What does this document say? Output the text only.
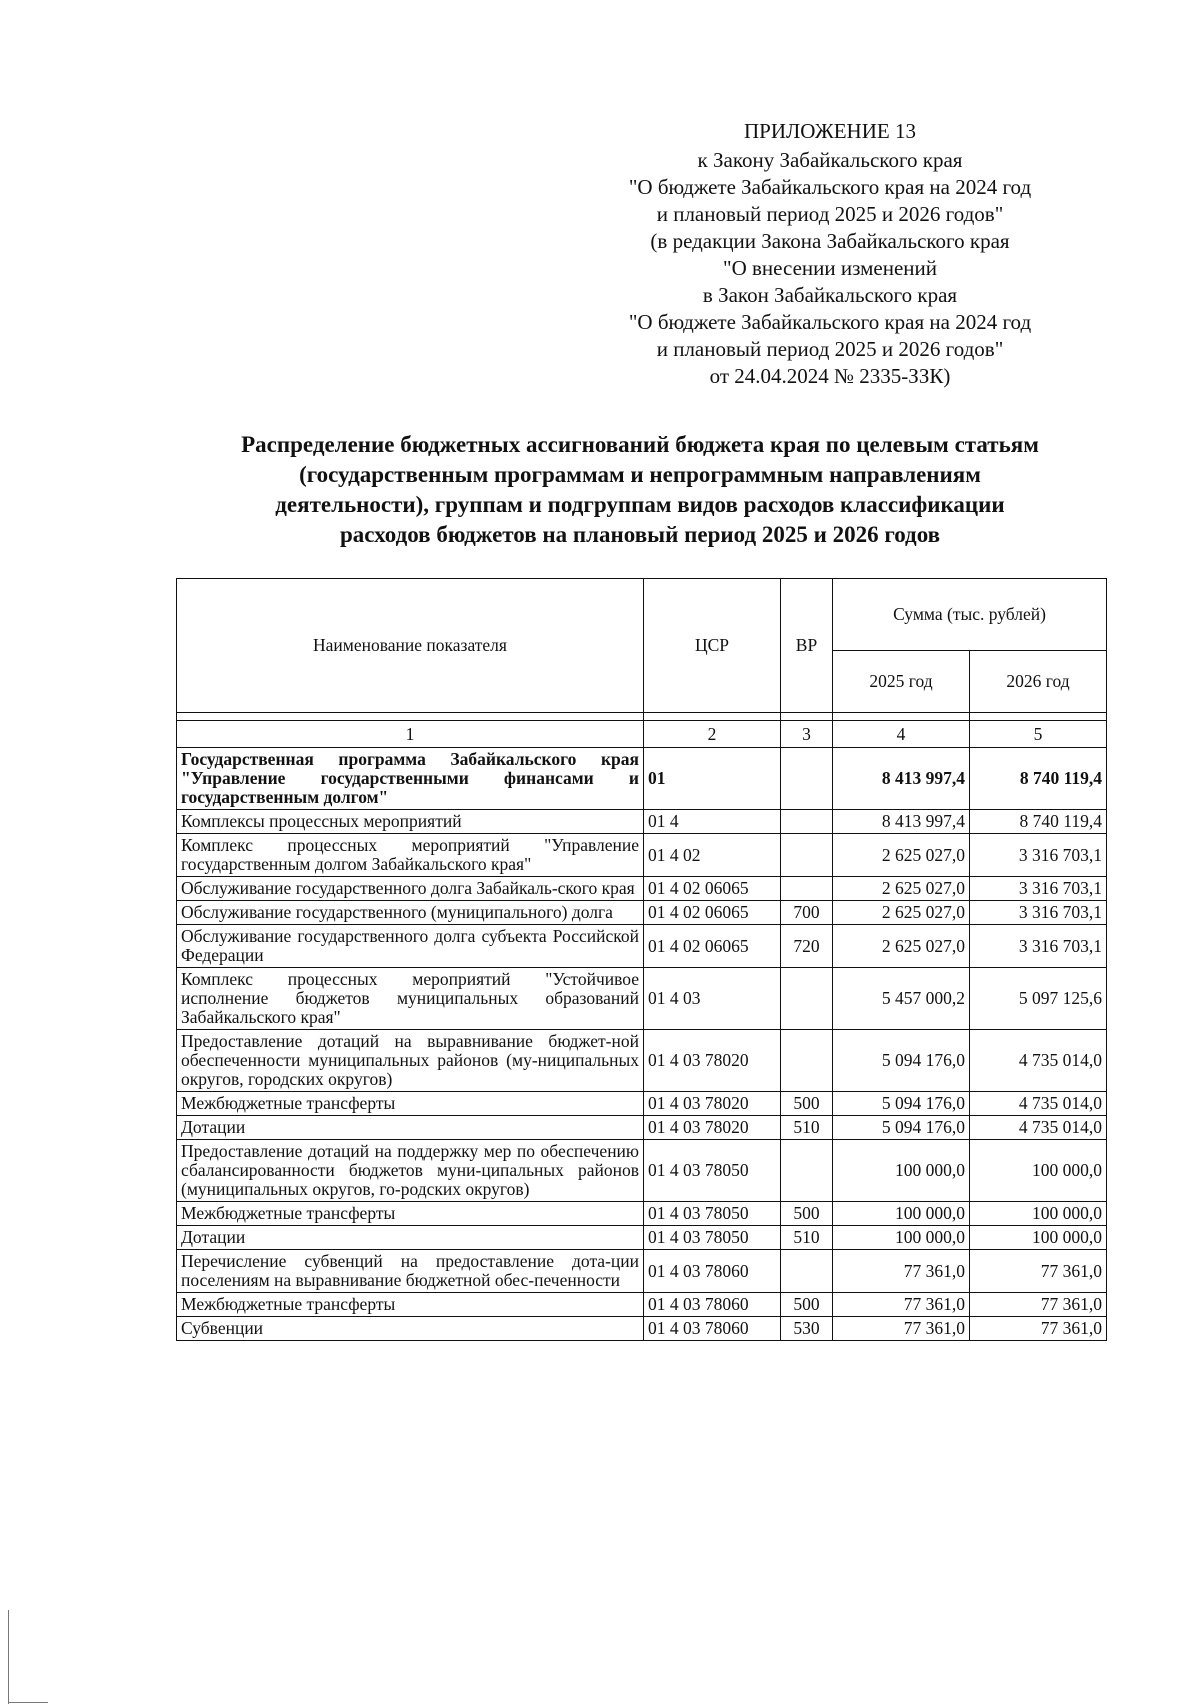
ПРИЛОЖЕНИЕ 13
к Закону Забайкальского края
"О бюджете Забайкальского края на 2024 год
и плановый период 2025 и 2026 годов"
(в редакции Закона Забайкальского края
"О внесении изменений
в Закон Забайкальского края
"О бюджете Забайкальского края на 2024 год
и плановый период 2025 и 2026 годов"
от 24.04.2024 № 2335-ЗЗК)
Распределение бюджетных ассигнований бюджета края по целевым статьям
(государственным программам и непрограммным направлениям
деятельности), группам и подгруппам видов расходов классификации
расходов бюджетов на плановый период 2025 и 2026 годов
Наименование показателя	ЦСР	ВР	Сумма (тыс. рублей)	
			2025 год	2026 год

1	2	3	4	5
Государственная программа Забайкальского края "Управление государственными финансами и государственным долгом"	01		8 413 997,4	8 740 119,4
Комплексы процессных мероприятий	01 4		8 413 997,4	8 740 119,4
Комплекс процессных мероприятий "Управление государственным долгом Забайкальского края"	01 4 02		2 625 027,0	3 316 703,1
Обслуживание государственного долга Забайкаль-ского края	01 4 02 06065		2 625 027,0	3 316 703,1
Обслуживание государственного (муниципального) долга	01 4 02 06065	700	2 625 027,0	3 316 703,1
Обслуживание государственного долга субъекта Российской Федерации	01 4 02 06065	720	2 625 027,0	3 316 703,1
Комплекс процессных мероприятий "Устойчивое исполнение бюджетов муниципальных образований Забайкальского края"	01 4 03		5 457 000,2	5 097 125,6
Предоставление дотаций на выравнивание бюджет-ной обеспеченности муниципальных районов (му-ниципальных округов, городских округов)	01 4 03 78020		5 094 176,0	4 735 014,0
Межбюджетные трансферты	01 4 03 78020	500	5 094 176,0	4 735 014,0
Дотации	01 4 03 78020	510	5 094 176,0	4 735 014,0
Предоставление дотаций на поддержку мер по обеспечению сбалансированности бюджетов муни-ципальных районов (муниципальных округов, го-родских округов)	01 4 03 78050		100 000,0	100 000,0
Межбюджетные трансферты	01 4 03 78050	500	100 000,0	100 000,0
Дотации	01 4 03 78050	510	100 000,0	100 000,0
Перечисление субвенций на предоставление дота-ции поселениям на выравнивание бюджетной обес-печенности	01 4 03 78060		77 361,0	77 361,0
Межбюджетные трансферты	01 4 03 78060	500	77 361,0	77 361,0
Субвенции	01 4 03 78060	530	77 361,0	77 361,0
